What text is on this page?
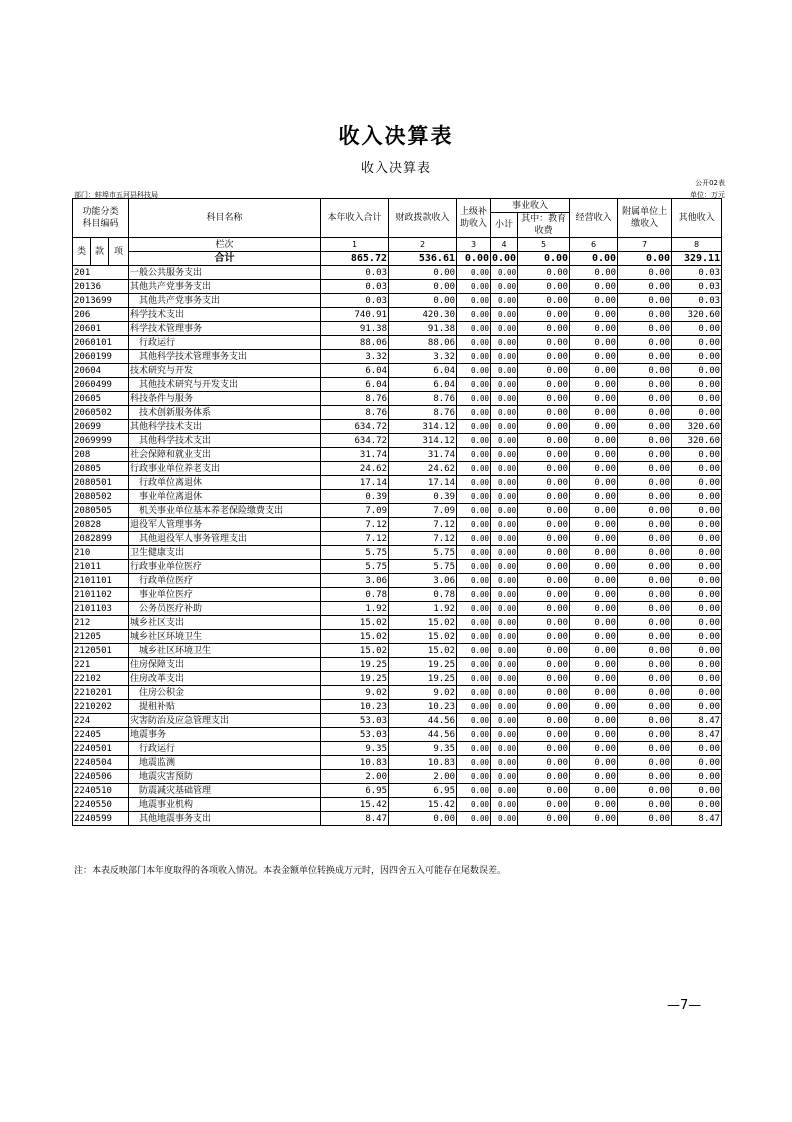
收入决算表
收入决算表
公开02表
部门：蚌埠市五河县科技局	单位：万元
功能分类
科目编码			科目名称	本年收入合计	财政拨款收入	上级补助收入	事业收入		经营收入	附属单位上缴收入	其他收入
							小计	其中：教育收费			

类	款	项	栏次	1	2	3	4	5	6	7	8
			合计	865.72	536.61	0.00	0.00	0.00	0.00	0.00	329.11
201			一般公共服务支出	0.03	0.00	0.00	0.00	0.00	0.00	0.00	0.03
20136			其他共产党事务支出	0.03	0.00	0.00	0.00	0.00	0.00	0.00	0.03
2013699			　其他共产党事务支出	0.03	0.00	0.00	0.00	0.00	0.00	0.00	0.03
206			科学技术支出	740.91	420.30	0.00	0.00	0.00	0.00	0.00	320.60
20601			科学技术管理事务	91.38	91.38	0.00	0.00	0.00	0.00	0.00	0.00
2060101			　行政运行	88.06	88.06	0.00	0.00	0.00	0.00	0.00	0.00
2060199			　其他科学技术管理事务支出	3.32	3.32	0.00	0.00	0.00	0.00	0.00	0.00
20604			技术研究与开发	6.04	6.04	0.00	0.00	0.00	0.00	0.00	0.00
2060499			　其他技术研究与开发支出	6.04	6.04	0.00	0.00	0.00	0.00	0.00	0.00
20605			科技条件与服务	8.76	8.76	0.00	0.00	0.00	0.00	0.00	0.00
2060502			　技术创新服务体系	8.76	8.76	0.00	0.00	0.00	0.00	0.00	0.00
20699			其他科学技术支出	634.72	314.12	0.00	0.00	0.00	0.00	0.00	320.60
2069999			　其他科学技术支出	634.72	314.12	0.00	0.00	0.00	0.00	0.00	320.60
208			社会保障和就业支出	31.74	31.74	0.00	0.00	0.00	0.00	0.00	0.00
20805			行政事业单位养老支出	24.62	24.62	0.00	0.00	0.00	0.00	0.00	0.00
2080501			　行政单位离退休	17.14	17.14	0.00	0.00	0.00	0.00	0.00	0.00
2080502			　事业单位离退休	0.39	0.39	0.00	0.00	0.00	0.00	0.00	0.00
2080505			　机关事业单位基本养老保险缴费支出	7.09	7.09	0.00	0.00	0.00	0.00	0.00	0.00
20828			退役军人管理事务	7.12	7.12	0.00	0.00	0.00	0.00	0.00	0.00
2082899			　其他退役军人事务管理支出	7.12	7.12	0.00	0.00	0.00	0.00	0.00	0.00
210			卫生健康支出	5.75	5.75	0.00	0.00	0.00	0.00	0.00	0.00
21011			行政事业单位医疗	5.75	5.75	0.00	0.00	0.00	0.00	0.00	0.00
2101101			　行政单位医疗	3.06	3.06	0.00	0.00	0.00	0.00	0.00	0.00
2101102			　事业单位医疗	0.78	0.78	0.00	0.00	0.00	0.00	0.00	0.00
2101103			　公务员医疗补助	1.92	1.92	0.00	0.00	0.00	0.00	0.00	0.00
212			城乡社区支出	15.02	15.02	0.00	0.00	0.00	0.00	0.00	0.00
21205			城乡社区环境卫生	15.02	15.02	0.00	0.00	0.00	0.00	0.00	0.00
2120501			　城乡社区环境卫生	15.02	15.02	0.00	0.00	0.00	0.00	0.00	0.00
221			住房保障支出	19.25	19.25	0.00	0.00	0.00	0.00	0.00	0.00
22102			住房改革支出	19.25	19.25	0.00	0.00	0.00	0.00	0.00	0.00
2210201			　住房公积金	9.02	9.02	0.00	0.00	0.00	0.00	0.00	0.00
2210202			　提租补贴	10.23	10.23	0.00	0.00	0.00	0.00	0.00	0.00
224			灾害防治及应急管理支出	53.03	44.56	0.00	0.00	0.00	0.00	0.00	8.47
22405			地震事务	53.03	44.56	0.00	0.00	0.00	0.00	0.00	8.47
2240501			　行政运行	9.35	9.35	0.00	0.00	0.00	0.00	0.00	0.00
2240504			　地震监测	10.83	10.83	0.00	0.00	0.00	0.00	0.00	0.00
2240506			　地震灾害预防	2.00	2.00	0.00	0.00	0.00	0.00	0.00	0.00
2240510			　防震减灾基础管理	6.95	6.95	0.00	0.00	0.00	0.00	0.00	0.00
2240550			　地震事业机构	15.42	15.42	0.00	0.00	0.00	0.00	0.00	0.00
2240599			　其他地震事务支出	8.47	0.00	0.00	0.00	0.00	0.00	0.00	8.47
注：本表反映部门本年度取得的各项收入情况。本表金额单位转换成万元时，因四舍五入可能存在尾数误差。
—7—
